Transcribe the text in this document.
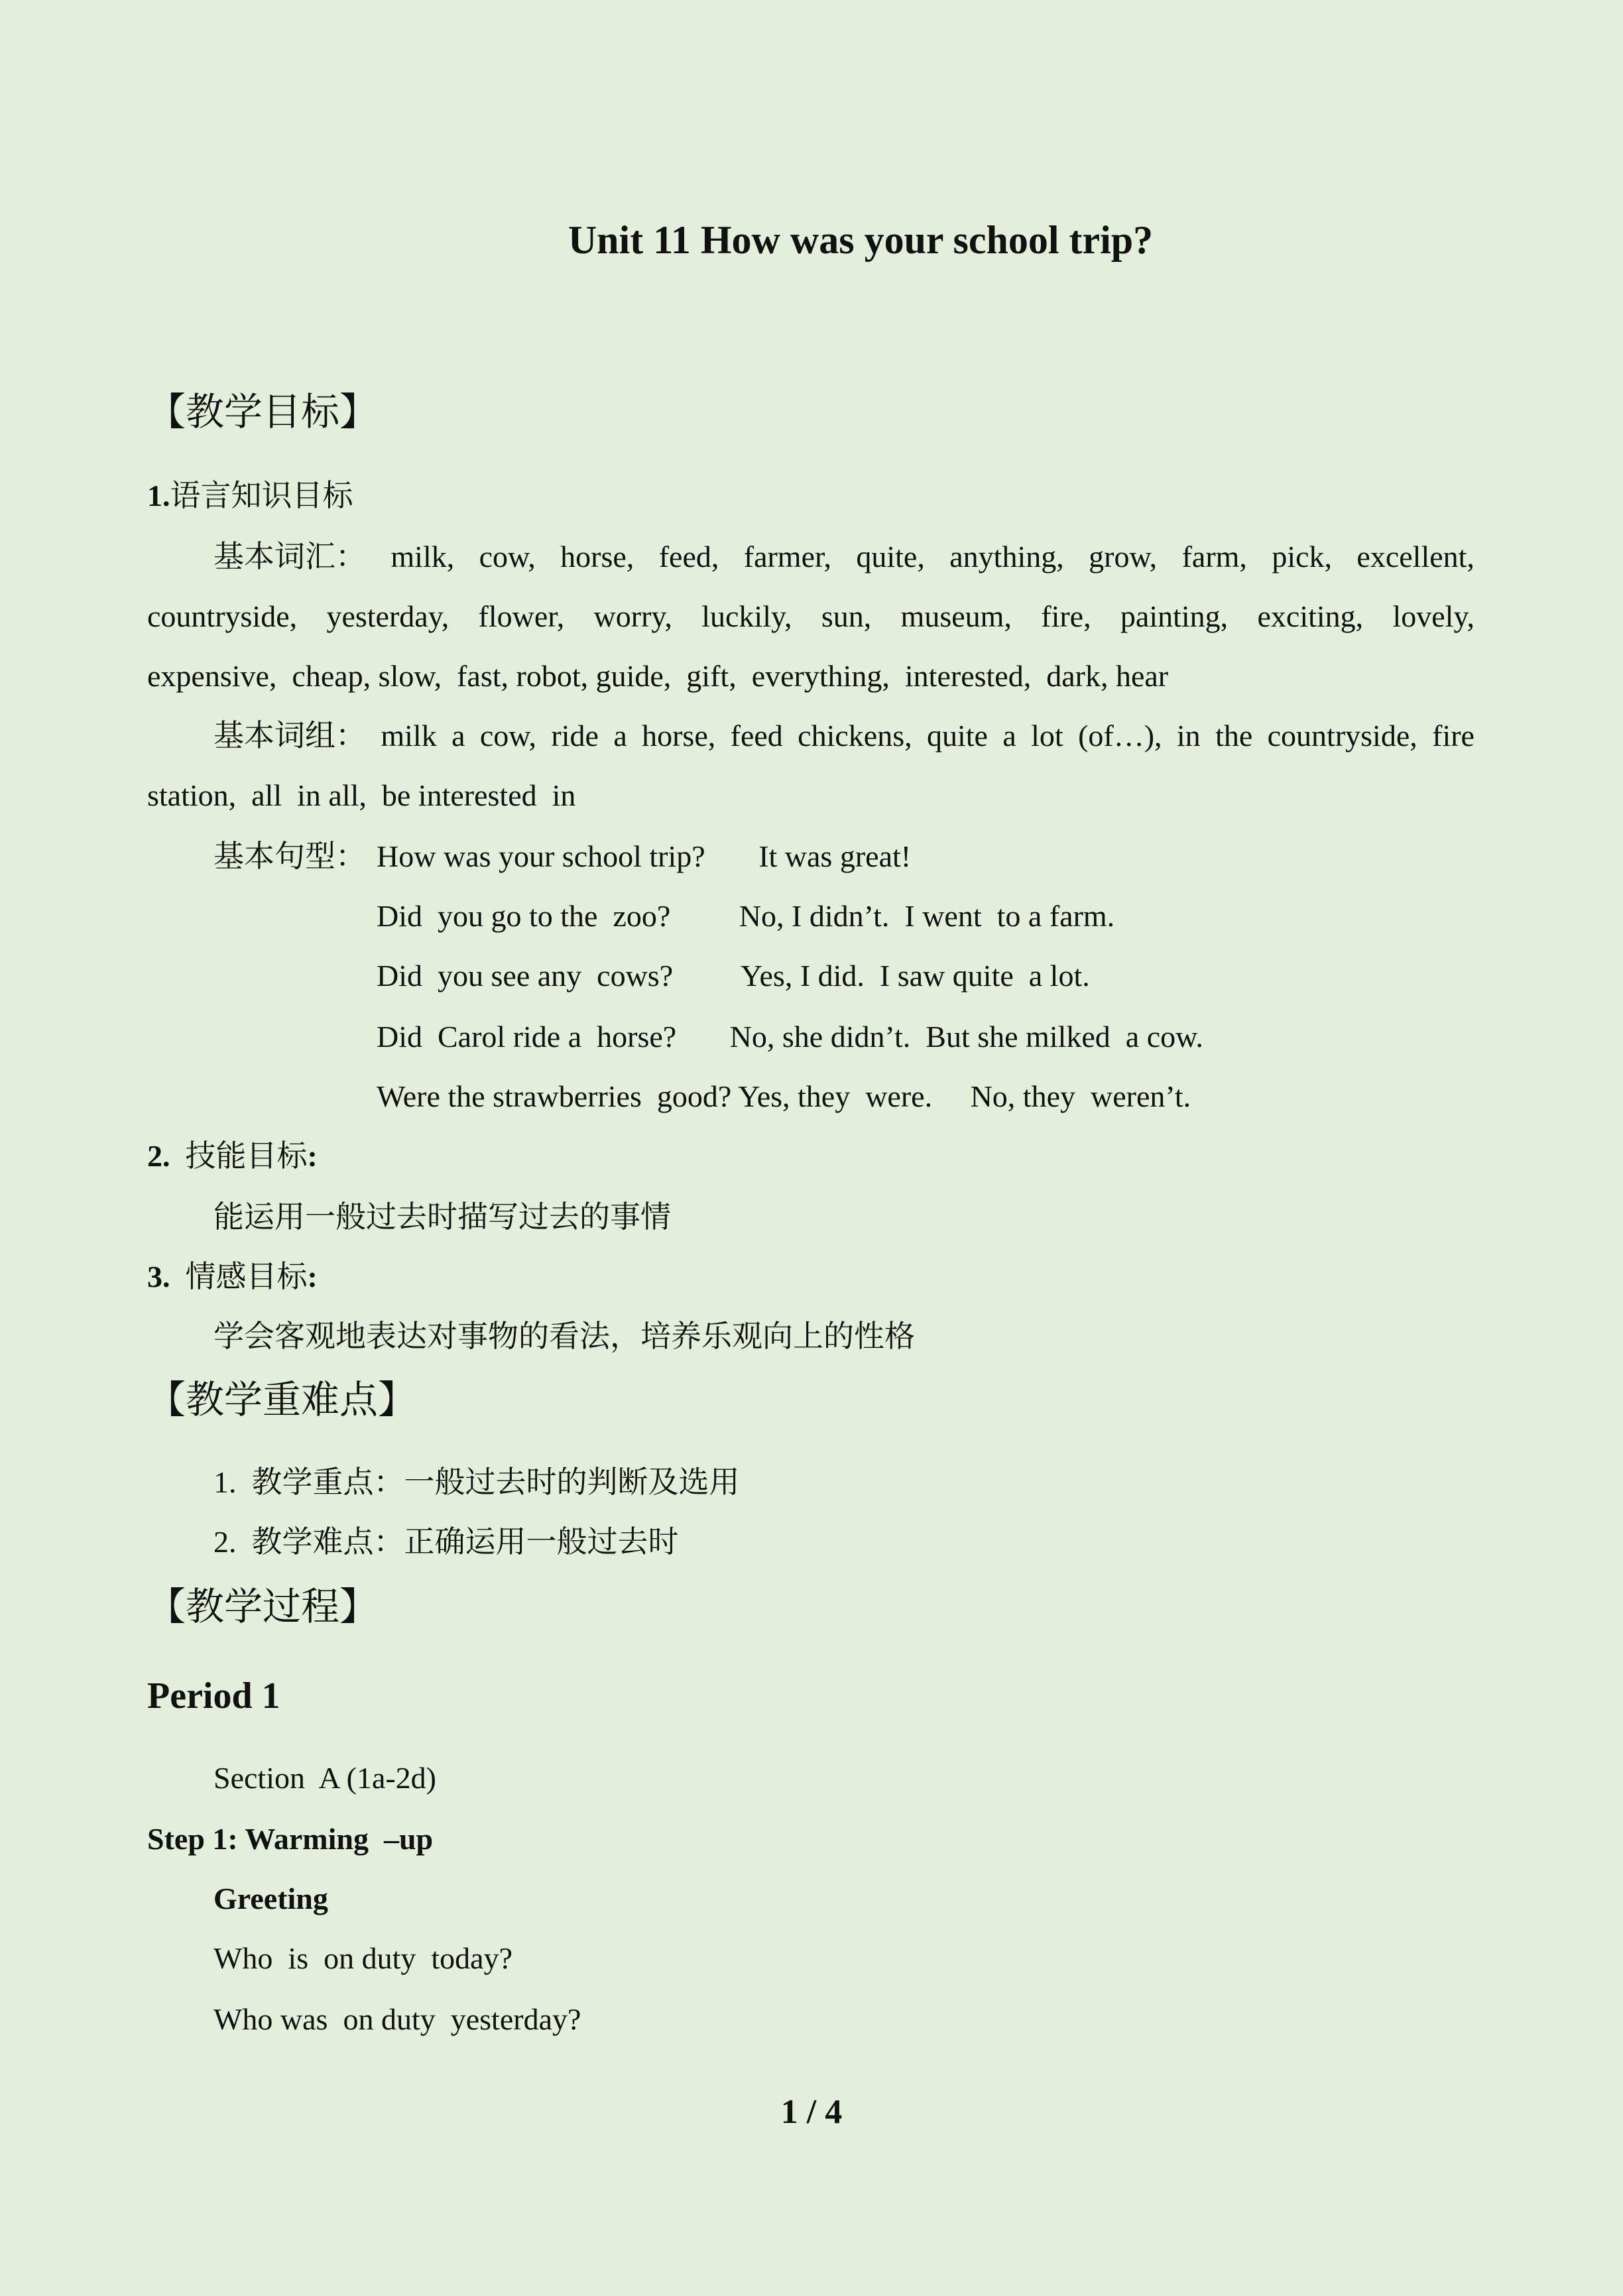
Unit 11 How was your school trip?
【教学目标】
1.语言知识目标
基本词汇： milk, cow, horse, feed, farmer, quite, anything, grow, farm, pick, excellent,
countryside, yesterday, flower, worry, luckily, sun, museum, fire, painting, exciting, lovely,
expensive,  cheap, slow,  fast, robot, guide,  gift,  everything,  interested,  dark, hear
基本词组： milk a cow, ride a horse, feed chickens, quite a lot (of…), in the countryside, fire
station,  all  in all,  be interested  in
基本句型： How was your school trip?       It was great!
Did  you go to the  zoo?         No, I didn’t.  I went  to a farm.
Did  you see any  cows?         Yes, I did.  I saw quite  a lot.
Did  Carol ride a  horse?       No, she didn’t.  But she milked  a cow.
Were the strawberries  good? Yes, they  were.     No, they  weren’t.
2. 技能目标:
能运用一般过去时描写过去的事情
3. 情感目标:
学会客观地表达对事物的看法，培养乐观向上的性格
【教学重难点】
1.  教学重点：一般过去时的判断及选用
2.  教学难点：正确运用一般过去时
【教学过程】
Period 1
Section  A (1a-2d)
Step 1: Warming  –up
Greeting
Who  is  on duty  today?
Who was  on duty  yesterday?
1 / 4
